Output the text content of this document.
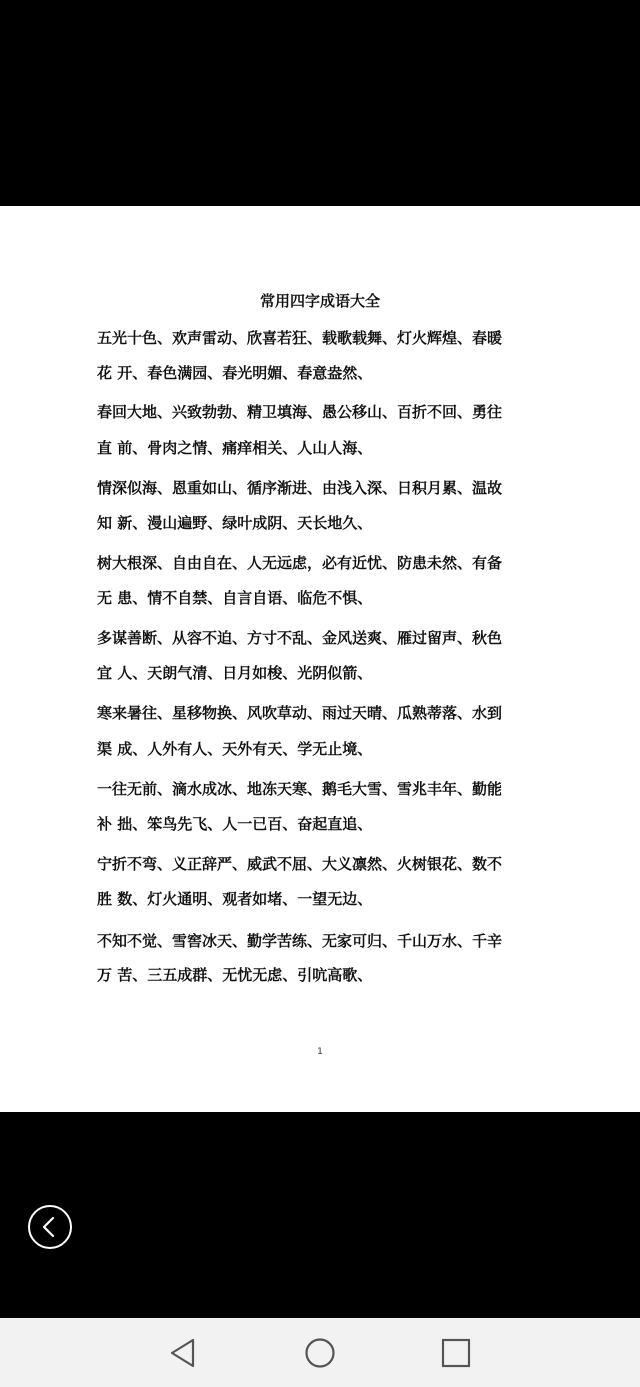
常用四字成语大全
五光十色、欢声雷动、欣喜若狂、载歌载舞、灯火辉煌、春暖
花 开、春色满园、春光明媚、春意盎然、
春回大地、兴致勃勃、精卫填海、愚公移山、百折不回、勇往
直 前、骨肉之情、痛痒相关、人山人海、
情深似海、恩重如山、循序渐进、由浅入深、日积月累、温故
知 新、漫山遍野、绿叶成阴、天长地久、
树大根深、自由自在、人无远虑，必有近忧、防患未然、有备
无 患、情不自禁、自言自语、临危不惧、
多谋善断、从容不迫、方寸不乱、金风送爽、雁过留声、秋色
宜 人、天朗气清、日月如梭、光阴似箭、
寒来暑往、星移物换、风吹草动、雨过天晴、瓜熟蒂落、水到
渠 成、人外有人、天外有天、学无止境、
一往无前、滴水成冰、地冻天寒、鹅毛大雪、雪兆丰年、勤能
补 拙、笨鸟先飞、人一已百、奋起直追、
宁折不弯、义正辞严、威武不屈、大义凛然、火树银花、数不
胜 数、灯火通明、观者如堵、一望无边、
不知不觉、雪窖冰天、勤学苦练、无家可归、千山万水、千辛
万 苦、三五成群、无忧无虑、引吭高歌、
1
